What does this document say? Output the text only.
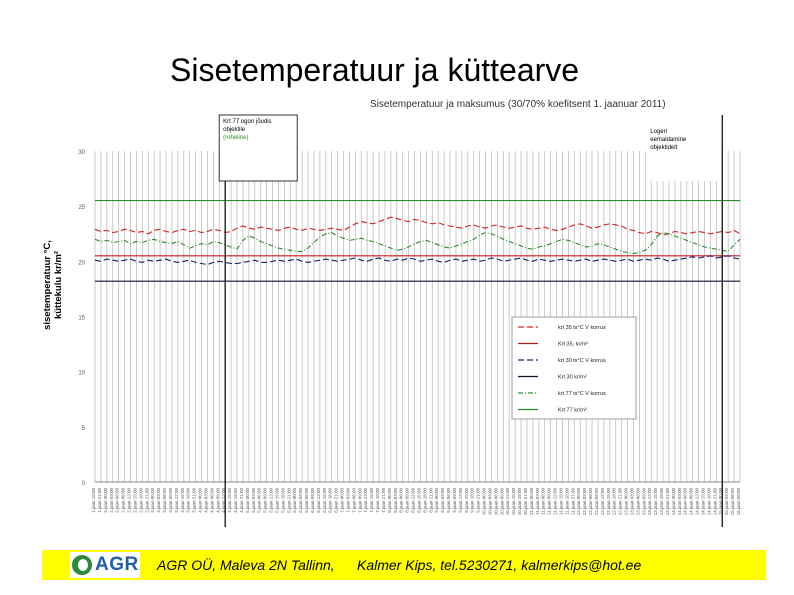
Sisetemperatuur ja küttearve
Sisetemperatuur ja maksumus (30/70% koefitsent 1. jaanuar 2011)
0
5
10
15
20
25
30
1.jaan 18:00 1.jaan 21:00 2.jaan 00:00 2.jaan 03:00 2.jaan 06:00 2.jaan 09:00 2.jaan 12:00 2.jaan 15:00 2.jaan 18:00 2.jaan 21:00 3.jaan 00:00 3.jaan 03:00 3.jaan 06:00 3.jaan 09:00 3.jaan 12:00 3.jaan 15:00 3.jaan 18:00 3.jaan 21:00 4.jaan 00:00 4.jaan 03:00 4.jaan 06:00 4.jaan 09:00 4.jaan 12:00 4.jaan 15:00 4.jaan 18:00 4.jaan 21:00 5.jaan 00:00 5.jaan 03:00 5.jaan 06:00 5.jaan 09:00 5.jaan 12:00 5.jaan 15:00 5.jaan 18:00 5.jaan 21:00 6.jaan 00:00 6.jaan 03:00 6.jaan 06:00 6.jaan 09:00 6.jaan 12:00 6.jaan 15:00 6.jaan 18:00 6.jaan 21:00 7.jaan 00:00 7.jaan 03:00 7.jaan 06:00 7.jaan 09:00 7.jaan 12:00 7.jaan 15:00 7.jaan 18:00 7.jaan 21:00 8.jaan 00:00 8.jaan 03:00 8.jaan 06:00 8.jaan 09:00 8.jaan 12:00 8.jaan 15:00 8.jaan 18:00 8.jaan 21:00 9.jaan 00:00 9.jaan 03:00 9.jaan 06:00 9.jaan 09:00 9.jaan 12:00 9.jaan 15:00 9.jaan 18:00 9.jaan 21:00 10.jaan 00:00 10.jaan 03:00 10.jaan 06:00 10.jaan 09:00 10.jaan 12:00 10.jaan 15:00 10.jaan 18:00 10.jaan 21:00 11.jaan 00:00 11.jaan 03:00 11.jaan 06:00 11.jaan 09:00 11.jaan 12:00 11.jaan 15:00 11.jaan 18:00 11.jaan 21:00 12.jaan 00:00 12.jaan 03:00 12.jaan 06:00 12.jaan 09:00 12.jaan 12:00 12.jaan 15:00 12.jaan 18:00 12.jaan 21:00 13.jaan 00:00 13.jaan 03:00 13.jaan 06:00 13.jaan 09:00 13.jaan 12:00 13.jaan 15:00 13.jaan 18:00 13.jaan 21:00 14.jaan 00:00 14.jaan 03:00 14.jaan 06:00 14.jaan 09:00 14.jaan 12:00 14.jaan 15:00 14.jaan 18:00 14.jaan 21:00 15.jaan 00:00 15.jaan 03:00 15.jaan 06:00 15.jaan 09:00
Krt 77 ogon jõudis
objektile
(roheline)
Logeri
eemaldamine
objektidelt
sisetemperatuur °C, küttekulu kr/m²
krt 35 ts°C V korrus
Krt 35, kr/m²
krt 30 ts°C V korrus
Krt 30 kr/m²
krt 77 ts°C V korrus
Krt 77 kr/m²
AGR AGR OÜ, Maleva 2N Tallinn, Kalmer Kips, tel.5230271, kalmerkips@hot.ee
